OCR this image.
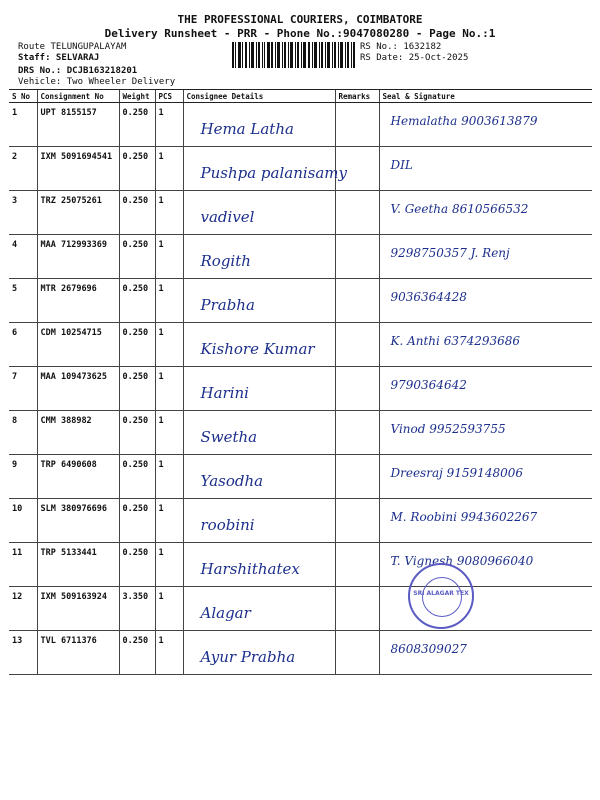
THE PROFESSIONAL COURIERS, COIMBATORE
Delivery Runsheet - PRR - Phone No.:9047080280 - Page No.:1
Route TELUNGUPALAYAM
Staff: SELVARAJ
DRS No.: DCJB163218201
Vehicle: Two Wheeler Delivery
RS No.: 1632182
RS Date: 25-Oct-2025
S No	Consignment No	Weight	PCS	Consignee Details	Remarks	Seal & Signature
1	UPT 8155157	0.250	1	Hema Latha		Hemalatha 9003613879
2	IXM 5091694541	0.250	1	Pushpa palanisamy		DIL
3	TRZ 25075261	0.250	1	vadivel		V. Geetha 8610566532
4	MAA 712993369	0.250	1	Rogith		9298750357 J. Renj
5	MTR 2679696	0.250	1	Prabha		9036364428
6	CDM 10254715	0.250	1	Kishore Kumar		K. Anthi 6374293686
7	MAA 109473625	0.250	1	Harini		9790364642
8	CMM 388982	0.250	1	Swetha		Vinod 9952593755
9	TRP 6490608	0.250	1	Yasodha		Dreesraj 9159148006
10	SLM 380976696	0.250	1	roobini		M. Roobini 9943602267
11	TRP 5133441	0.250	1	Harshithatex		T. Vignesh 9080966040
12	IXM 509163924	3.350	1	Alagar		
13	TVL 6711376	0.250	1	Ayur Prabha		8608309027
SRI ALAGAR TEX
